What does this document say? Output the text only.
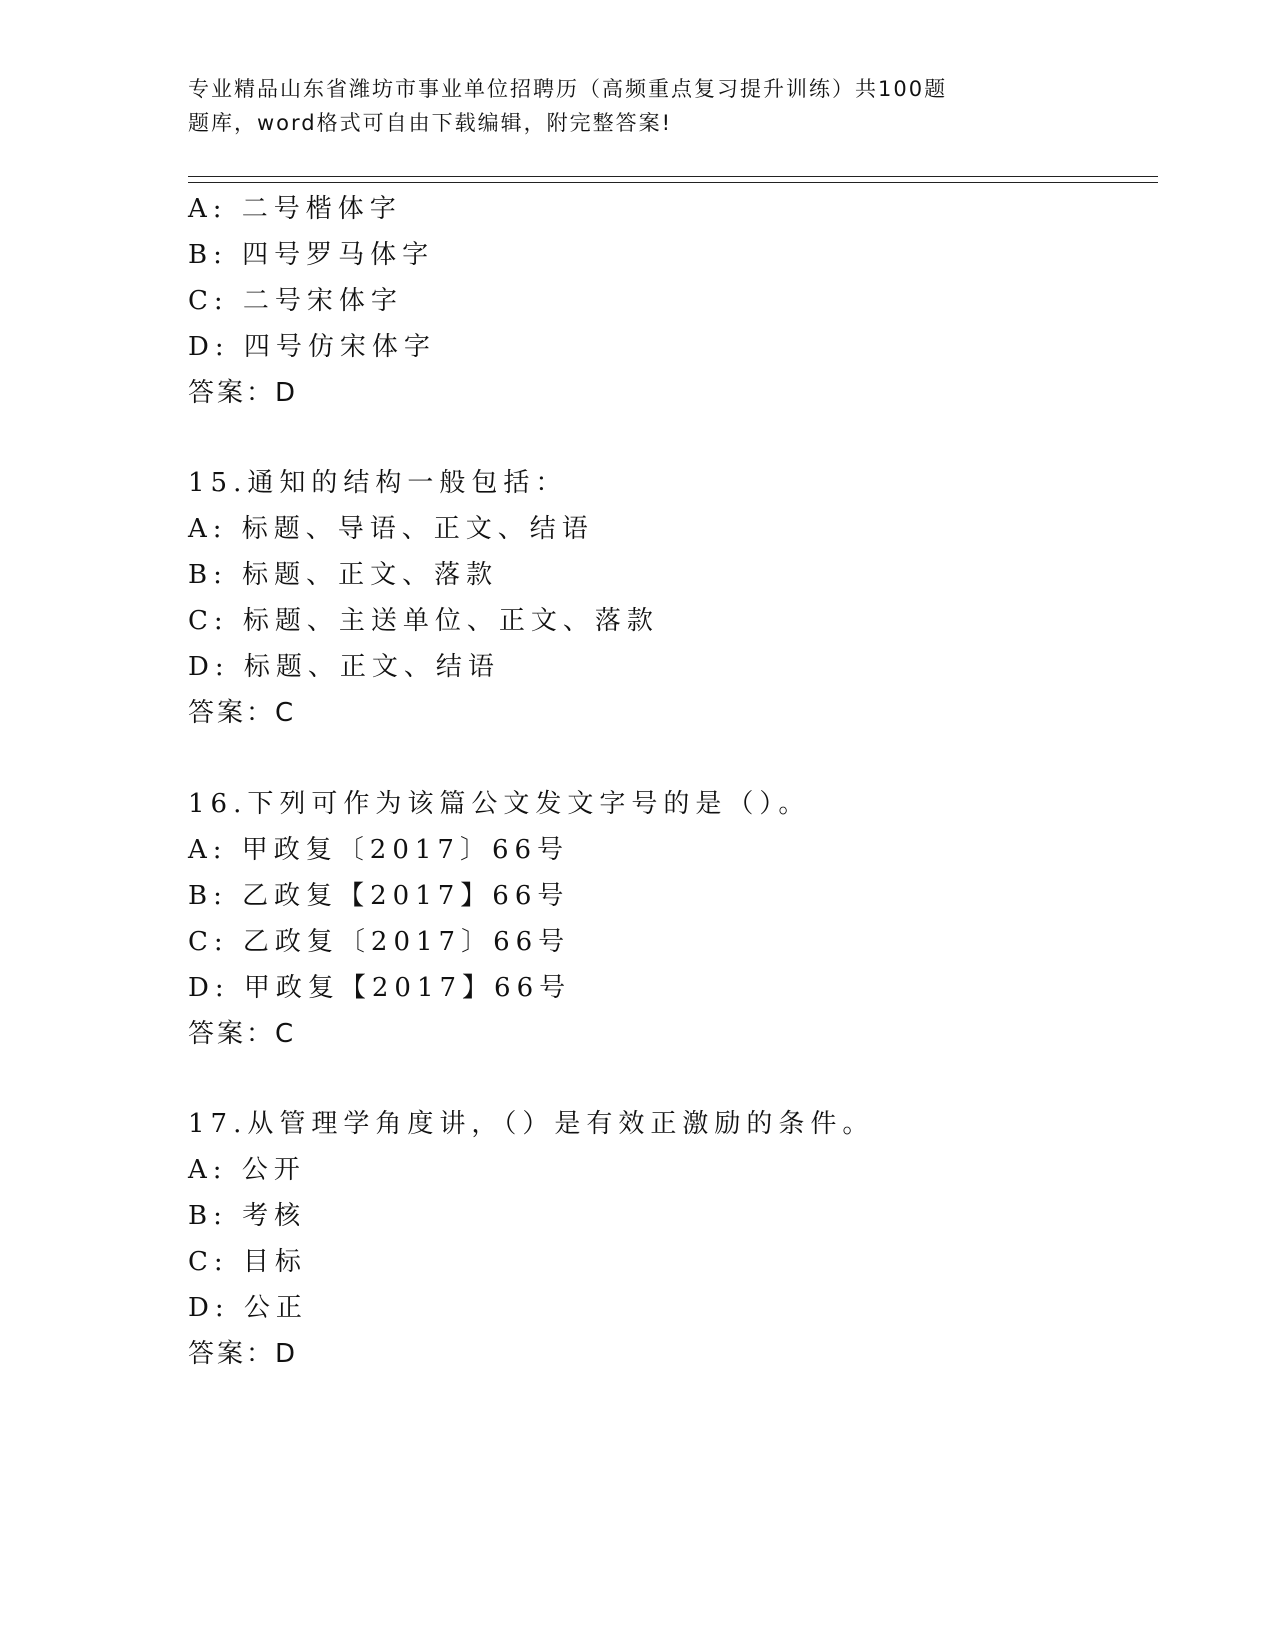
专业精品山东省潍坊市事业单位招聘历（高频重点复习提升训练）共100题
题库，word格式可自由下载编辑，附完整答案!
A: 二号楷体字
B: 四号罗马体字
C: 二号宋体字
D: 四号仿宋体字
答案：D
15.通知的结构一般包括：
A: 标题、导语、正文、结语
B: 标题、正文、落款
C: 标题、主送单位、正文、落款
D: 标题、正文、结语
答案：C
16.下列可作为该篇公文发文字号的是（）。
A: 甲政复〔2017〕66号
B: 乙政复【2017】66号
C: 乙政复〔2017〕66号
D: 甲政复【2017】66号
答案：C
17.从管理学角度讲，（）是有效正激励的条件。
A: 公开
B: 考核
C: 目标
D: 公正
答案：D
